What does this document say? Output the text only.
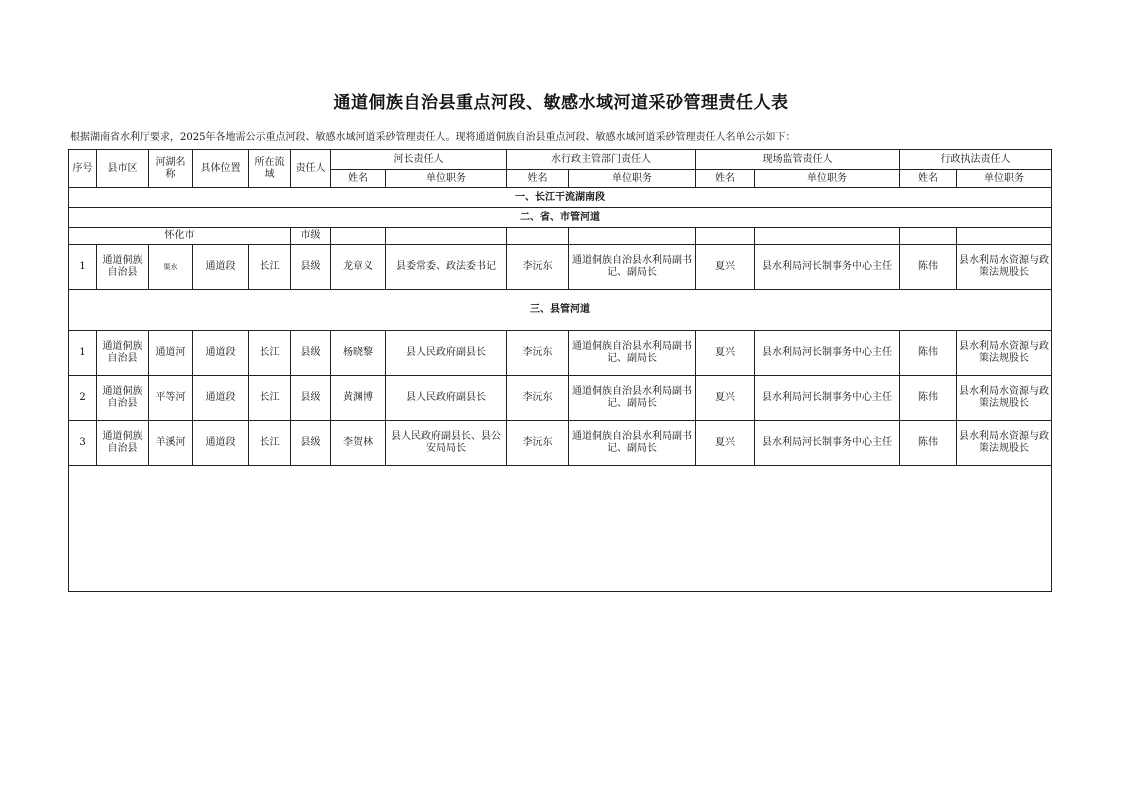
通道侗族自治县重点河段、敏感水域河道采砂管理责任人表
根据湖南省水利厅要求，2025年各地需公示重点河段、敏感水域河道采砂管理责任人。现将通道侗族自治县重点河段、敏感水域河道采砂管理责任人名单公示如下：
序号	县市区	河湖名称	具体位置	所在流域	责任人	河长责任人		水行政主管部门责任人		现场监管责任人		行政执法责任人	
						姓名	单位职务	姓名	单位职务	姓名	单位职务	姓名	单位职务
一、长江干流湖南段													
二、省、市管河道													
怀化市					市级								
1	通道侗族自治县	渠水	通道段	长江	县级	龙章义	县委常委、政法委书记	李沅东	通道侗族自治县水利局副书记、副局长	夏兴	县水利局河长制事务中心主任	陈伟	县水利局水资源与政策法规股长
三、县管河道													
1	通道侗族自治县	通道河	通道段	长江	县级	杨晓黎	县人民政府副县长	李沅东	通道侗族自治县水利局副书记、副局长	夏兴	县水利局河长制事务中心主任	陈伟	县水利局水资源与政策法规股长
2	通道侗族自治县	平等河	通道段	长江	县级	黄渊博	县人民政府副县长	李沅东	通道侗族自治县水利局副书记、副局长	夏兴	县水利局河长制事务中心主任	陈伟	县水利局水资源与政策法规股长
3	通道侗族自治县	羊溪河	通道段	长江	县级	李贺林	县人民政府副县长、县公安局局长	李沅东	通道侗族自治县水利局副书记、副局长	夏兴	县水利局河长制事务中心主任	陈伟	县水利局水资源与政策法规股长
